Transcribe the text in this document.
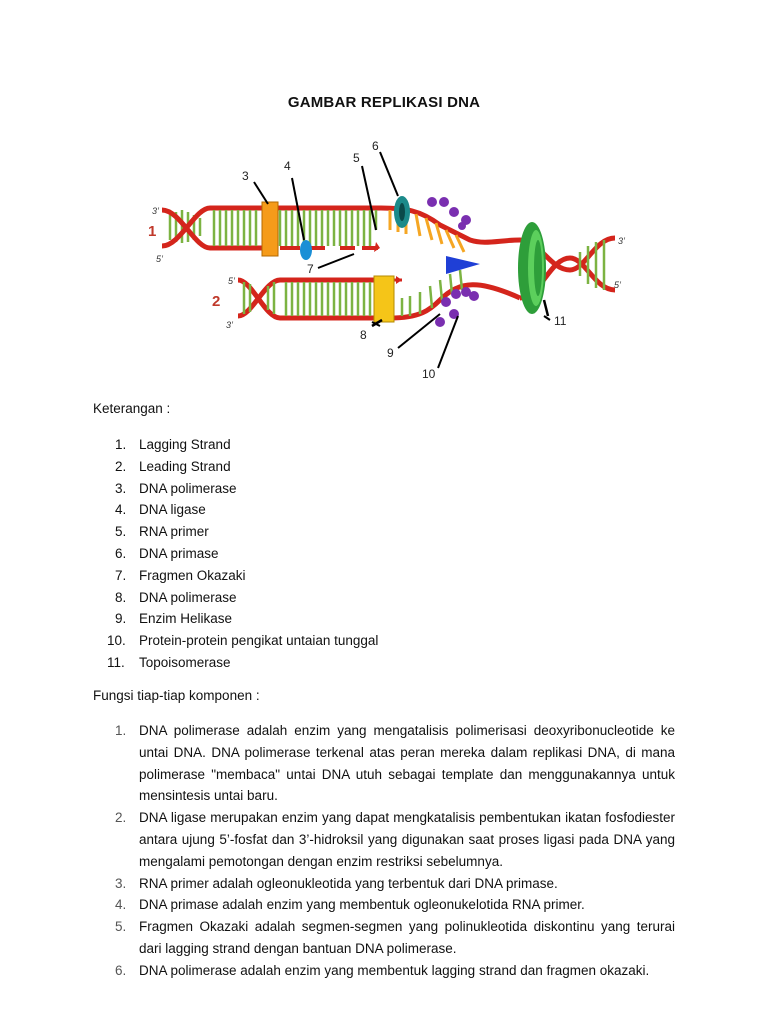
GAMBAR REPLIKASI DNA
3
4
5
6
7
8
9
10
11
1
2
3’
5’
5’
3’
3’
5’
Keterangan :
1. Lagging Strand
2. Leading Strand
3. DNA polimerase
4. DNA ligase
5. RNA primer
6. DNA primase
7. Fragmen Okazaki
8. DNA polimerase
9. Enzim Helikase
10. Protein-protein pengikat untaian tunggal
11.	Topoisomerase
Fungsi tiap-tiap komponen :
1. DNA polimerase adalah enzim yang mengatalisis polimerisasi deoxyribonucleotide ke untai DNA. DNA polimerase terkenal atas peran mereka dalam replikasi DNA, di mana polimerase "membaca" untai DNA utuh sebagai template dan menggunakannya untuk mensintesis untai baru.
2. DNA ligase merupakan enzim yang dapat mengkatalisis pembentukan ikatan fosfodiester antara ujung 5’-fosfat dan 3’-hidroksil yang digunakan saat proses ligasi pada DNA yang mengalami pemotongan dengan enzim restriksi sebelumnya.
3. RNA primer adalah ogleonukleotida yang terbentuk dari DNA primase.
4. DNA primase adalah enzim yang membentuk ogleonukelotida RNA primer.
5. Fragmen Okazaki adalah segmen-segmen yang polinukleotida diskontinu yang terurai dari lagging strand dengan bantuan DNA polimerase.
6. DNA polimerase adalah enzim yang membentuk lagging strand dan fragmen okazaki.
